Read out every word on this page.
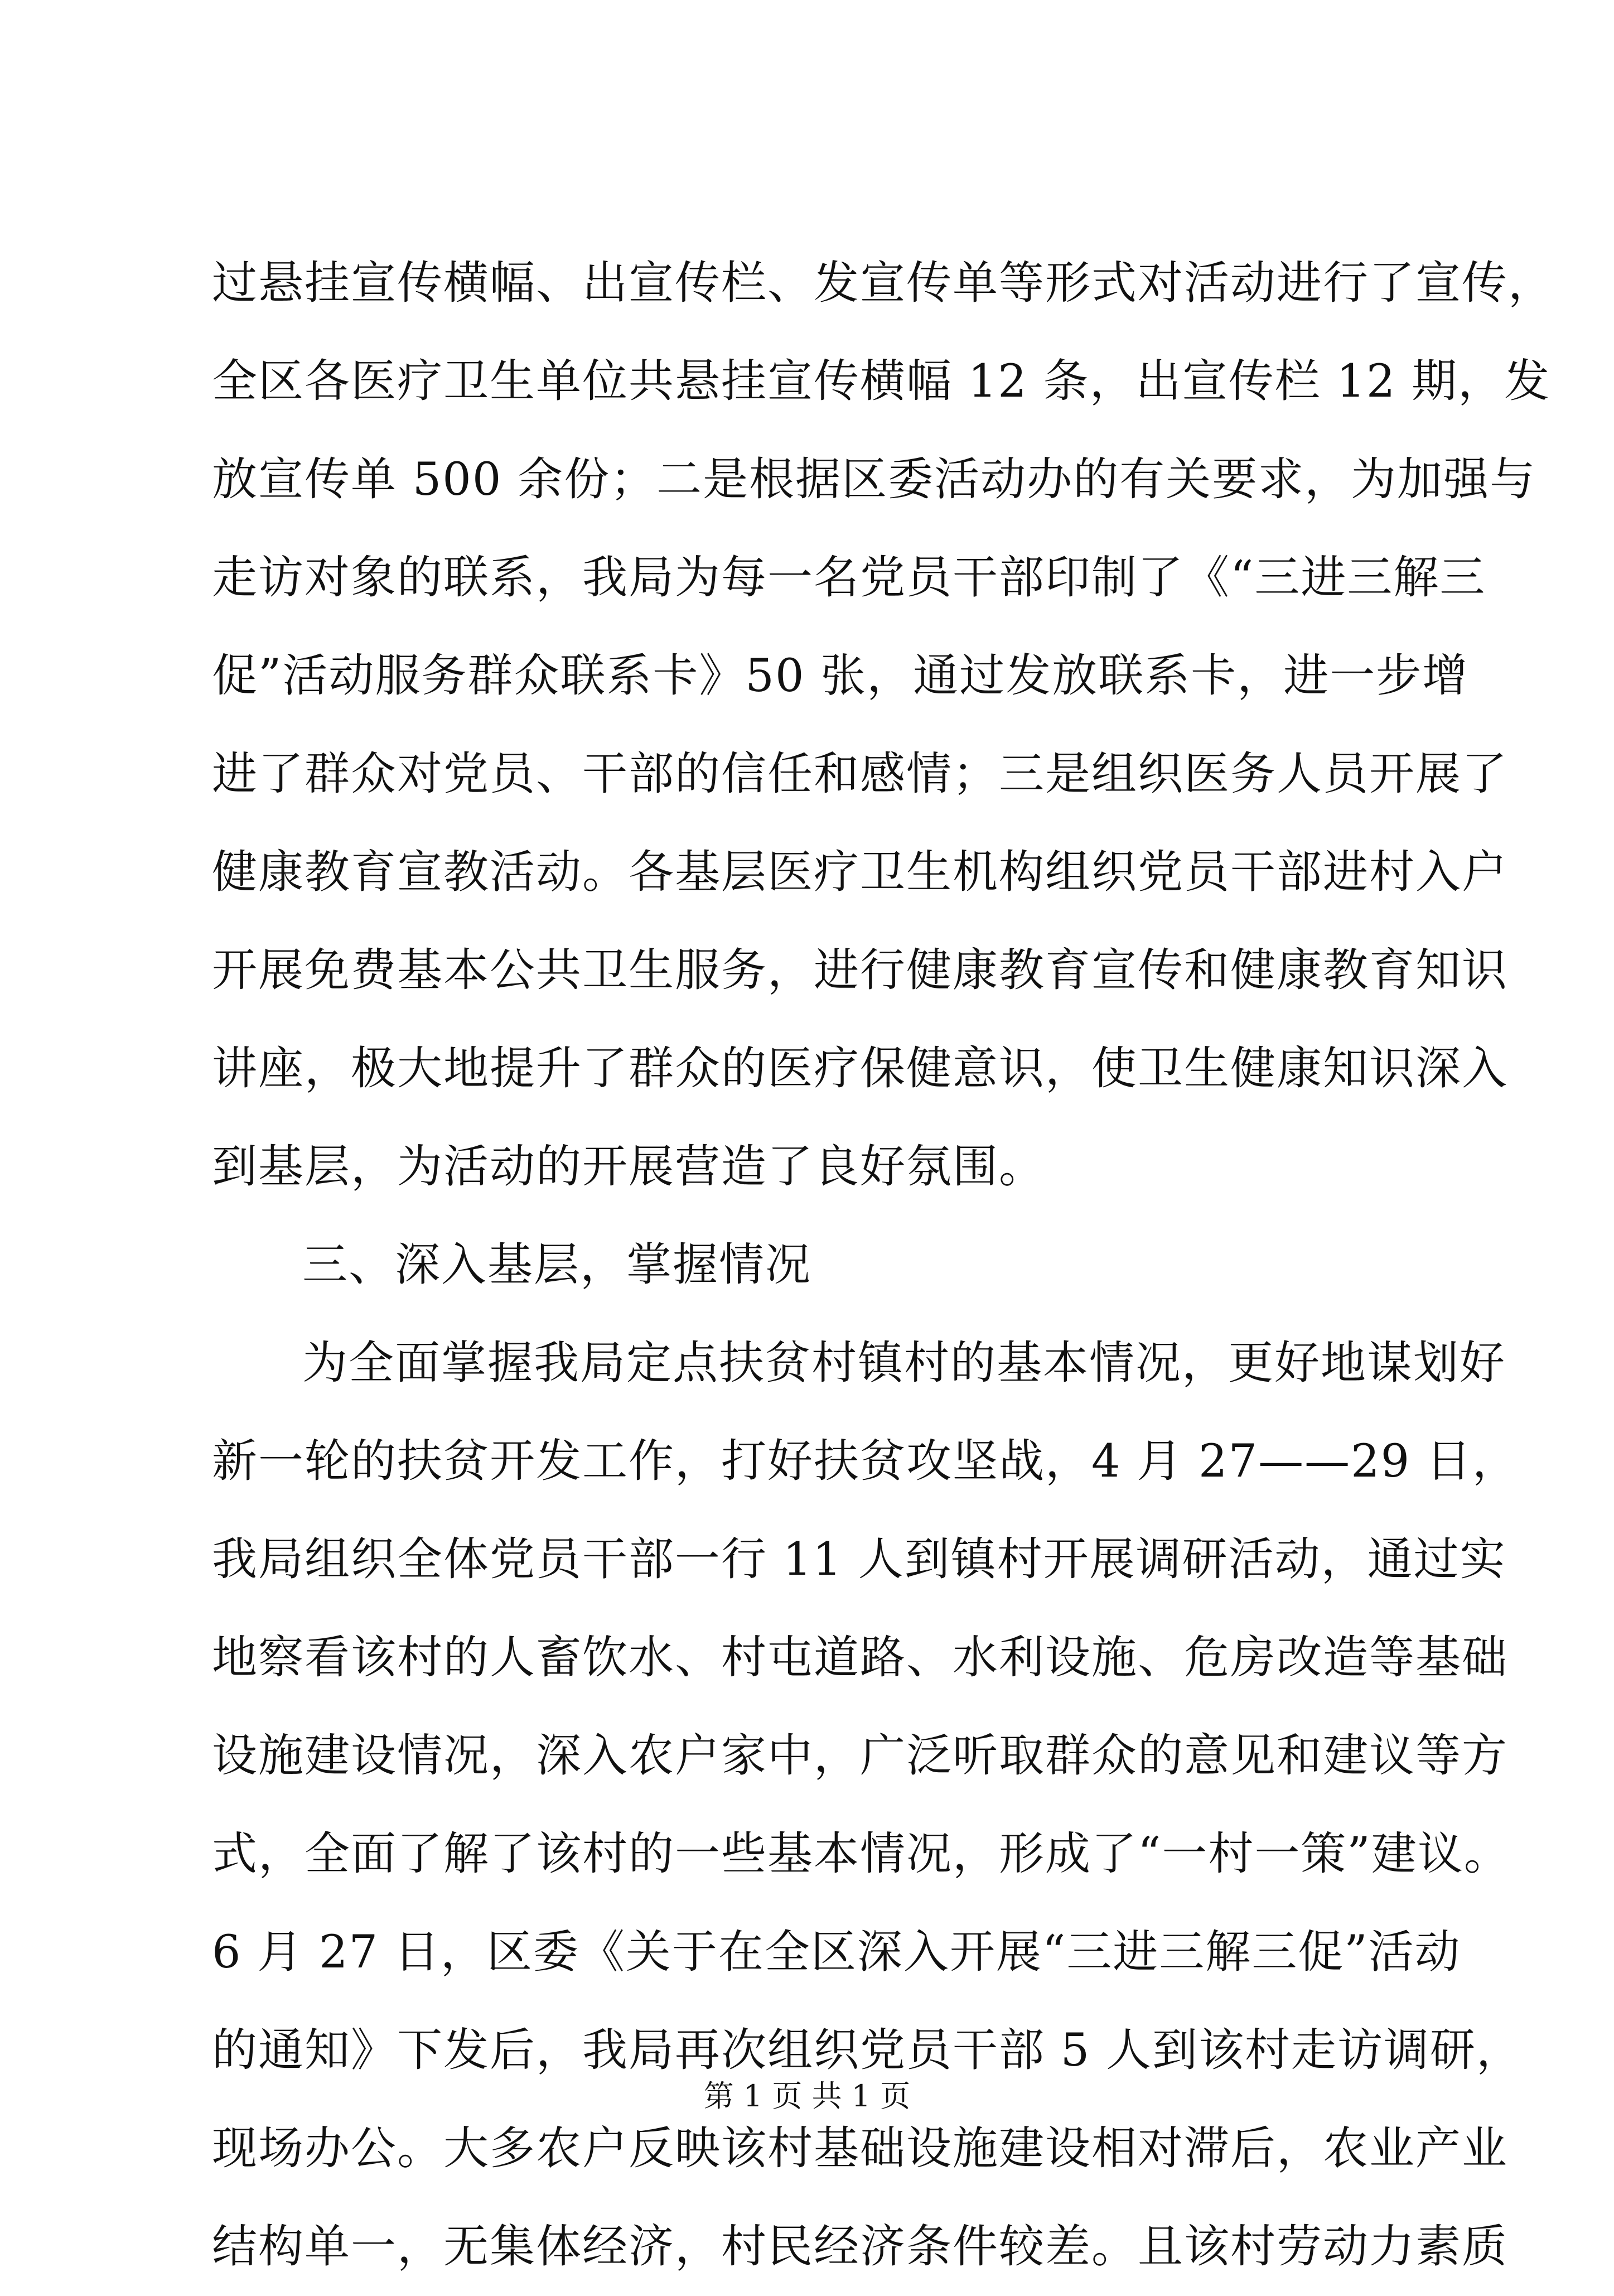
过悬挂宣传横幅、出宣传栏、发宣传单等形式对活动进行了宣传，
全区各医疗卫生单位共悬挂宣传横幅 12 条，出宣传栏 12 期，发
放宣传单 500 余份；二是根据区委活动办的有关要求，为加强与
走访对象的联系，我局为每一名党员干部印制了《“三进三解三
促”活动服务群众联系卡》50 张，通过发放联系卡，进一步增
进了群众对党员、干部的信任和感情；三是组织医务人员开展了
健康教育宣教活动。各基层医疗卫生机构组织党员干部进村入户
开展免费基本公共卫生服务，进行健康教育宣传和健康教育知识
讲座，极大地提升了群众的医疗保健意识，使卫生健康知识深入
到基层，为活动的开展营造了良好氛围。
三、深入基层，掌握情况
为全面掌握我局定点扶贫村镇村的基本情况，更好地谋划好
新一轮的扶贫开发工作，打好扶贫攻坚战，4 月 27——29 日，
我局组织全体党员干部一行 11 人到镇村开展调研活动，通过实
地察看该村的人畜饮水、村屯道路、水利设施、危房改造等基础
设施建设情况，深入农户家中，广泛听取群众的意见和建议等方
式，全面了解了该村的一些基本情况，形成了“一村一策”建议。
6 月 27 日，区委《关于在全区深入开展“三进三解三促”活动
的通知》下发后，我局再次组织党员干部 5 人到该村走访调研，
现场办公。大多农户反映该村基础设施建设相对滞后，农业产业
结构单一，无集体经济，村民经济条件较差。且该村劳动力素质
第 1 页 共 1 页
